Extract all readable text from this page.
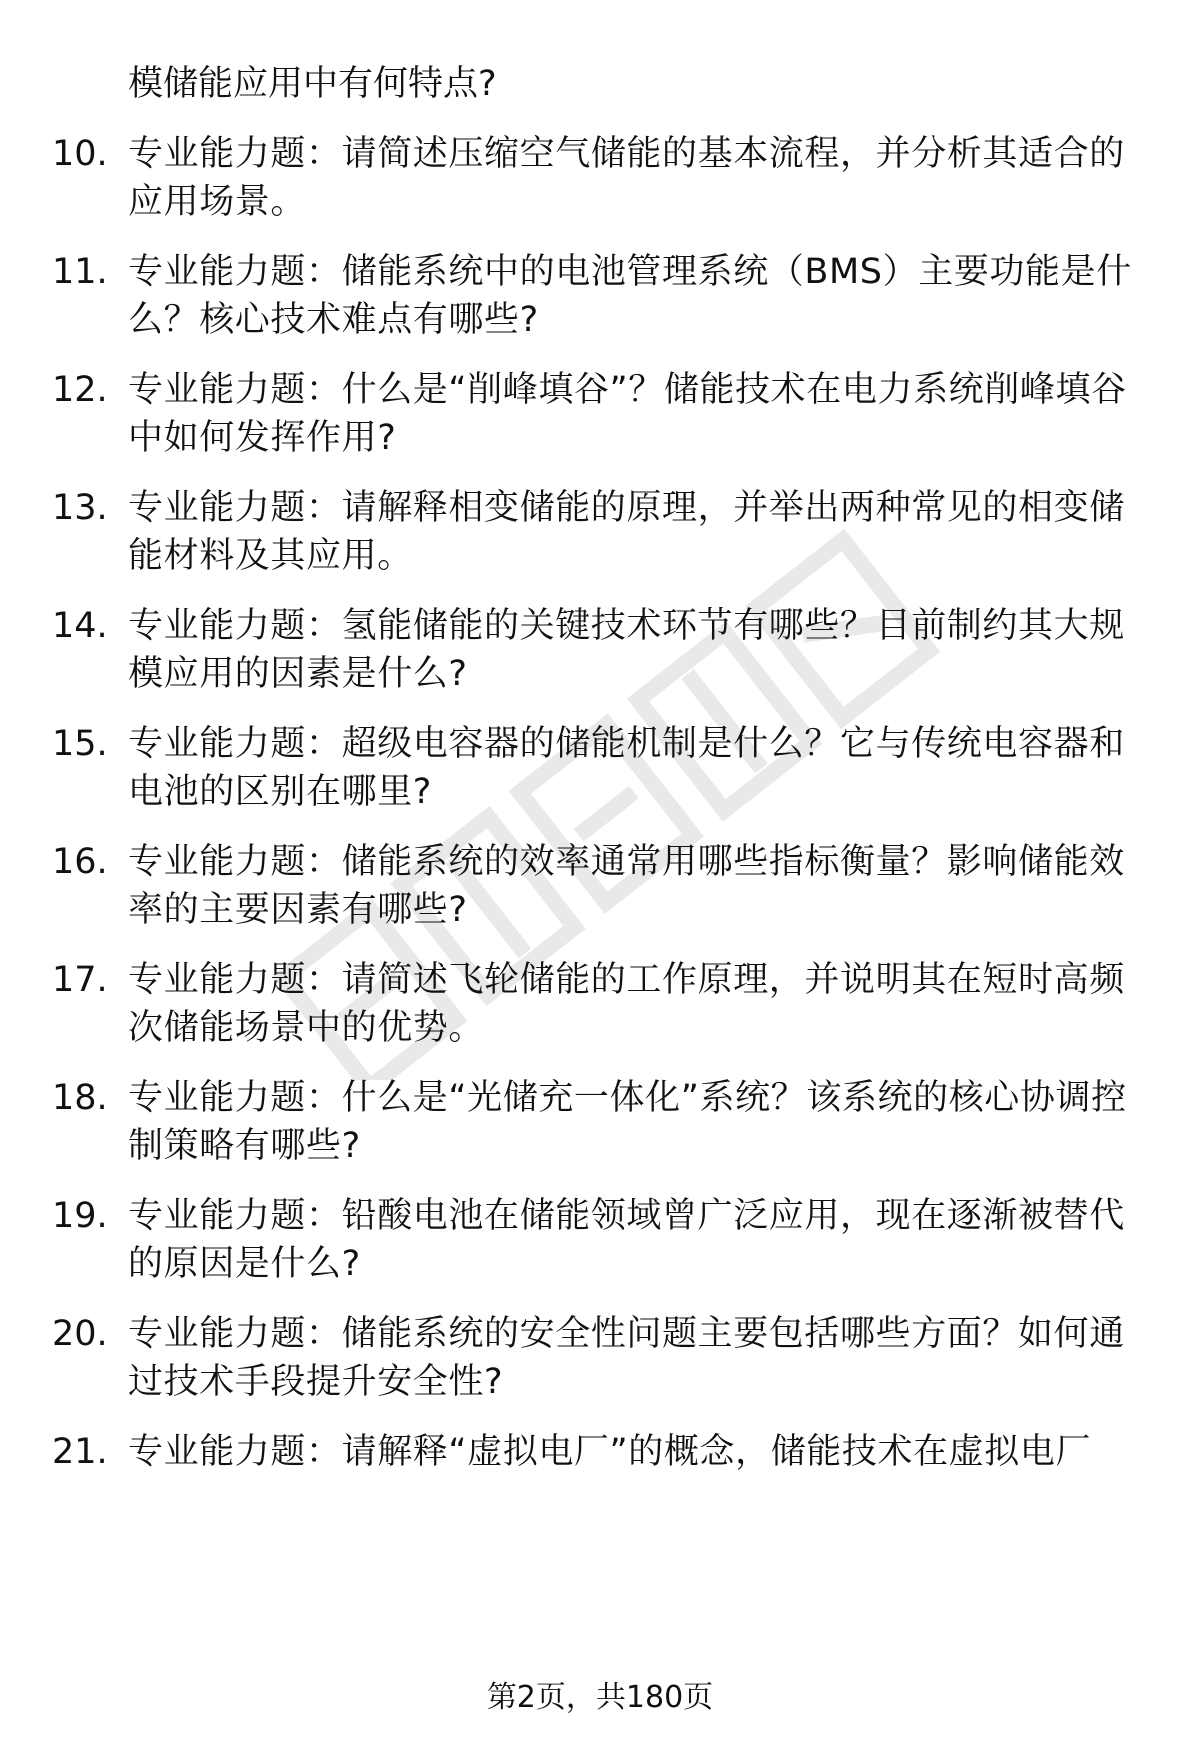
模储能应用中有何特点?
10. 专业能力题：请简述压缩空气储能的基本流程，并分析其适合的应用场景。
11. 专业能力题：储能系统中的电池管理系统（BMS）主要功能是什么？核心技术难点有哪些?
12. 专业能力题：什么是“削峰填谷”？储能技术在电力系统削峰填谷中如何发挥作用?
13. 专业能力题：请解释相变储能的原理，并举出两种常见的相变储能材料及其应用。
14. 专业能力题：氢能储能的关键技术环节有哪些？目前制约其大规模应用的因素是什么?
15. 专业能力题：超级电容器的储能机制是什么？它与传统电容器和电池的区别在哪里?
16. 专业能力题：储能系统的效率通常用哪些指标衡量？影响储能效率的主要因素有哪些?
17. 专业能力题：请简述飞轮储能的工作原理，并说明其在短时高频次储能场景中的优势。
18. 专业能力题：什么是“光储充一体化”系统？该系统的核心协调控制策略有哪些?
19. 专业能力题：铅酸电池在储能领域曾广泛应用，现在逐渐被替代的原因是什么?
20. 专业能力题：储能系统的安全性问题主要包括哪些方面？如何通过技术手段提升安全性?
21. 专业能力题：请解释“虚拟电厂”的概念，储能技术在虚拟电厂
第2页，共180页
